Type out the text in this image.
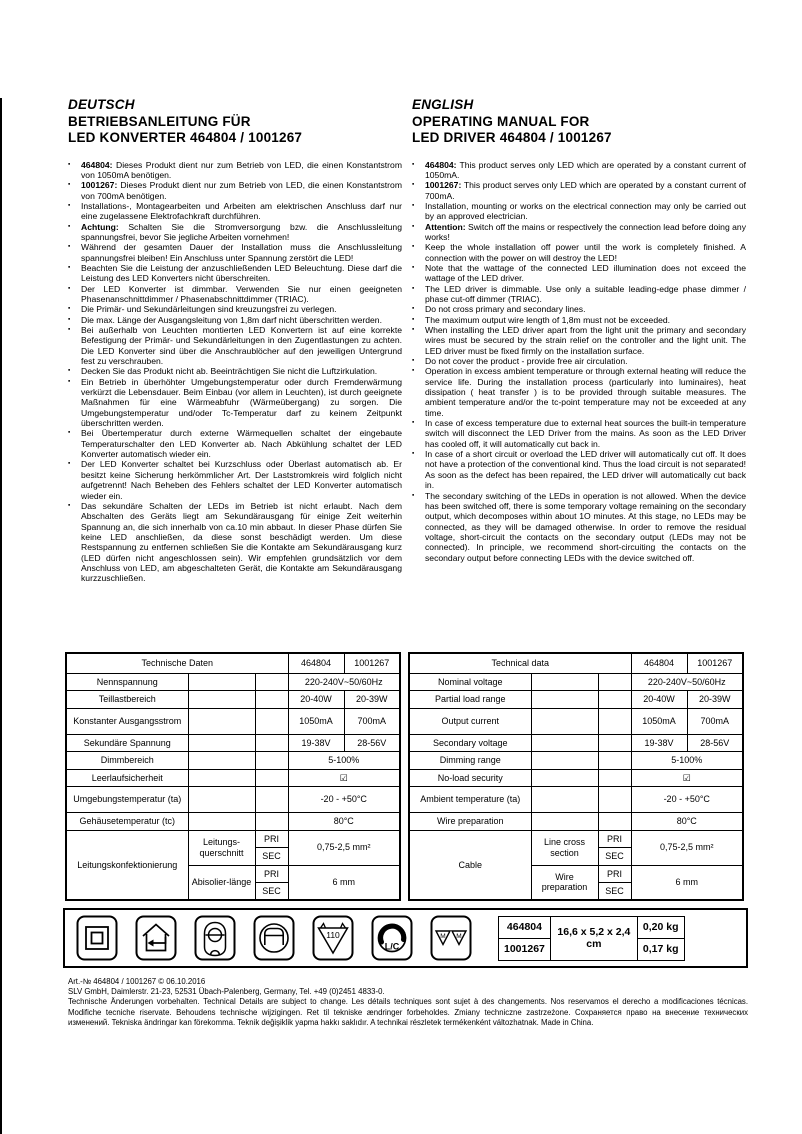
DEUTSCH
BETRIEBSANLEITUNG FÜR
LED KONVERTER 464804 / 1001267
▪	464804: Dieses Produkt dient nur zum Betrieb von LED, die einen Konstantstrom von 1050mA benötigen.
▪	1001267: Dieses Produkt dient nur zum Betrieb von LED, die einen Konstantstrom von 700mA benötigen.
▪	Installations-, Montagearbeiten und Arbeiten am elektrischen Anschluss darf nur eine zugelassene Elektrofachkraft durchführen.
▪	Achtung: Schalten Sie die Stromversorgung bzw. die Anschlussleitung spannungsfrei, bevor Sie jegliche Arbeiten vornehmen!
▪	Während der gesamten Dauer der Installation muss die Anschlussleitung spannungsfrei bleiben! Ein Anschluss unter Spannung zerstört die LED!
▪	Beachten Sie die Leistung der anzuschließenden LED Beleuchtung. Diese darf die Leistung des LED Konverters nicht überschreiten.
▪	Der LED Konverter ist dimmbar. Verwenden Sie nur einen geeigneten Phasenanschnittdimmer / Phasenabschnittdimmer (TRIAC).
▪	Die Primär- und Sekundärleitungen sind kreuzungsfrei zu verlegen.
▪	Die max. Länge der Ausgangsleitung von 1,8m darf nicht überschritten werden.
▪	Bei außerhalb von Leuchten montierten LED Konvertern ist auf eine korrekte Befestigung der Primär- und Sekundärleitungen in den Zugentlastungen zu achten. Die LED Konverter sind über die Anschraublöcher auf den jeweiligen Untergrund fest zu verschrauben.
▪	Decken Sie das Produkt nicht ab. Beeinträchtigen Sie nicht die Luftzirkulation.
▪	Ein Betrieb in überhöhter Umgebungstemperatur oder durch Fremderwärmung verkürzt die Lebensdauer. Beim Einbau (vor allem in Leuchten), ist durch geeignete Maßnahmen für eine Wärmeabfuhr (Wärmeübergang) zu sorgen. Die Umgebungstemperatur und/oder Tc-Temperatur darf zu keinem Zeitpunkt überschritten werden.
▪	Bei Übertemperatur durch externe Wärmequellen schaltet der eingebaute Temperaturschalter den LED Konverter ab. Nach Abkühlung schaltet der LED Konverter automatisch wieder ein.
▪	Der LED Konverter schaltet bei Kurzschluss oder Überlast automatisch ab. Er besitzt keine Sicherung herkömmlicher Art. Der Laststromkreis wird folglich nicht aufgetrennt! Nach Beheben des Fehlers schaltet der LED Konverter automatisch wieder ein.
▪	Das sekundäre Schalten der LEDs im Betrieb ist nicht erlaubt. Nach dem Abschalten des Geräts liegt am Sekundärausgang für einige Zeit weiterhin Spannung an, die sich innerhalb von ca.10 min abbaut. In dieser Phase dürfen Sie keine LED anschließen, da diese sonst beschädigt werden. Um diese Restspannung zu entfernen schließen Sie die Kontakte am Sekundärausgang kurz (LED dürfen nicht angeschlossen sein). Wir empfehlen grundsätzlich vor dem Anschluss von LED, am abgeschalteten Gerät, die Kontakte am Sekundärausgang kurzzuschließen.
ENGLISH
OPERATING MANUAL FOR
LED DRIVER 464804 / 1001267
▪	464804: This product serves only LED which are operated by a constant current of 1050mA.
▪	1001267: This product serves only LED which are operated by a constant current of 700mA.
▪	Installation, mounting or works on the electrical connection may only be carried out by an approved electrician.
▪	Attention: Switch off the mains or respectively the connection lead before doing any works!
▪	Keep the whole installation off power until the work is completely finished. A connection with the power on will destroy the LED!
▪	Note that the wattage of the connected LED illumination does not exceed the wattage of the LED driver.
▪	The LED driver is dimmable. Use only a suitable leading-edge phase dimmer / phase cut-off dimmer (TRIAC).
▪	Do not cross primary and secondary lines.
▪	The maximum output wire length of 1,8m must not be exceeded.
▪	When installing the LED driver apart from the light unit the primary and secondary wires must be secured by the strain relief on the controller and the light unit. The LED driver must be fixed firmly on the installation surface.
▪	Do not cover the product - provide free air circulation.
▪	Operation in excess ambient temperature or through external heating will reduce the service life. During the installation process (particularly into luminaires), heat dissipation ( heat transfer ) is to be provided through suitable measures. The ambient temperature and/or the tc-point temperature may not be exceeded at any time.
▪	In case of excess temperature due to external heat sources the built-in temperature switch will disconnect the LED Driver from the mains. As soon as the LED Driver has cooled off, it will automatically cut back in.
▪	In case of a short circuit or overload the LED driver will automatically cut off. It does not have a protection of the conventional kind. Thus the load circuit is not separated! As soon as the defect has been repaired, the LED driver will automatically cut back in.
▪	The secondary switching of the LEDs in operation is not allowed. When the device has been switched off, there is some temporary voltage remaining on the secondary output, which decomposes within about 1O minutes. At this stage, no LEDs may be connected, as they will be damaged otherwise. In order to remove the residual voltage, short-circuit the contacts on the secondary output (LEDs may not be connected). In principle, we recommend short-circuiting the contacts on the secondary output before connecting LEDs with the device switched off.
Technische Daten			464804	1001267
Nennspannung			220-240V~50/60Hz	
Teillastbereich			20-40W	20-39W
Konstanter Ausgangsstrom			1050mA	700mA
Sekundäre Spannung			19-38V	28-56V
Dimmbereich			5-100%	
Leerlaufsicherheit			☑	
Umgebungstemperatur (ta)			-20 - +50°C	
Gehäusetemperatur (tc)			80°C	
Leitungskonfektionierung	Leitungs-querschnitt	PRI	0,75-2,5 mm²	
		SEC		
	Abisolier-länge	PRI	6 mm	
		SEC		
Technical data			464804	1001267
Nominal voltage			220-240V~50/60Hz	
Partial load range			20-40W	20-39W
Output current			1050mA	700mA
Secondary voltage			19-38V	28-56V
Dimming range			5-100%	
No-load security			☑	
Ambient temperature (ta)			-20 - +50°C	
Wire preparation			80°C	
Cable	Line cross section	PRI	0,75-2,5 mm²	
		SEC		
	Wire preparation	PRI	6 mm	
		SEC		
110
L/C
M M
464804	16,6 x 5,2 x 2,4 cm	0,20 kg
1001267		0,17 kg
Art.-№ 464804 / 1001267 © 06.10.2016
SLV GmbH, Daimlerstr. 21-23, 52531 Übach-Palenberg, Germany, Tel. +49 (0)2451 4833-0.
Technische Änderungen vorbehalten. Technical Details are subject to change. Les détails techniques sont sujet à des changements. Nos reservamos el derecho a modificaciones técnicas. Modifiche tecniche riservate. Behoudens technische wijzigingen. Ret til tekniske ændringer forbeholdes. Zmiany techniczne zastrzeżone. Сохраняется право на внесение технических изменений. Tekniska ändringar kan förekomma. Teknik değişiklik yapma hakkı saklıdır. A technikai részletek termékenként változhatnak. Made in China.
